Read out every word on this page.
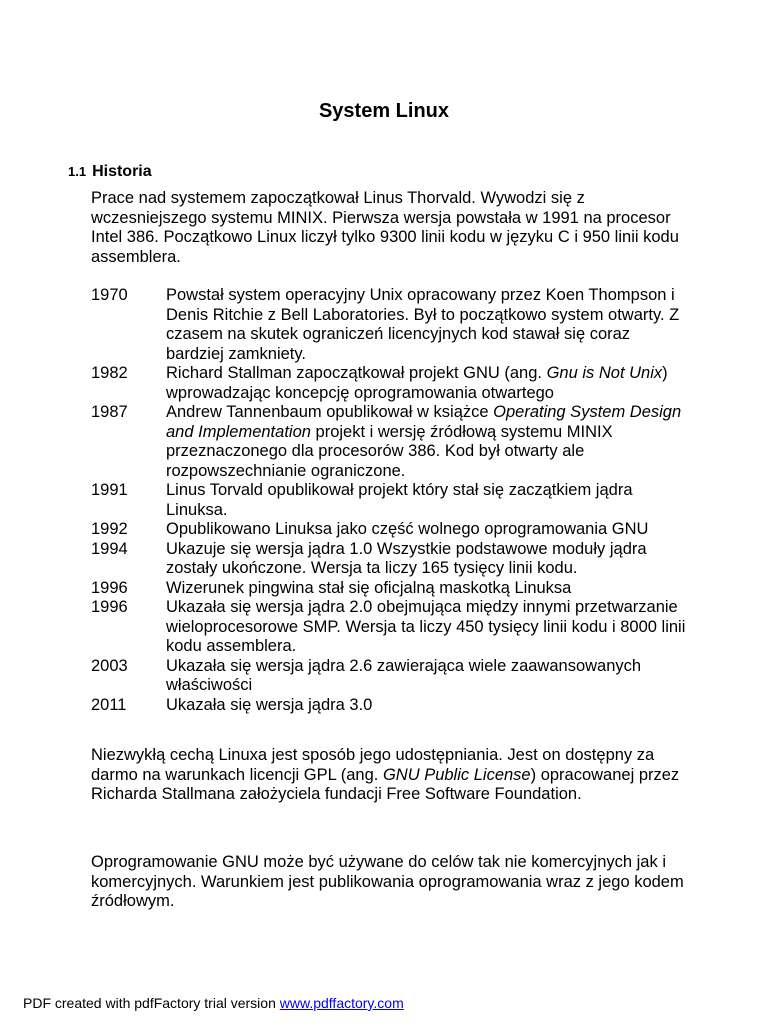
System Linux
1.1 Historia
Prace nad systemem zapoczątkował Linus Thorvald. Wywodzi się z wczesniejszego systemu MINIX. Pierwsza wersja powstała w 1991 na procesor Intel 386. Początkowo Linux liczył tylko 9300 linii kodu w języku C i 950 linii kodu assemblera.
1970	Powstał system operacyjny Unix opracowany przez Koen Thompson i Denis Ritchie z Bell Laboratories. Był to początkowo system otwarty. Z czasem na skutek ograniczeń licencyjnych kod stawał się coraz bardziej zamkniety.
1982	Richard Stallman zapoczątkował projekt GNU (ang. Gnu is Not Unix) wprowadzając koncepcję oprogramowania otwartego
1987	Andrew Tannenbaum opublikował w książce Operating System Design and Implementation projekt i wersję źródłową systemu MINIX przeznaczonego dla procesorów 386. Kod był otwarty ale rozpowszechnianie ograniczone.
1991	Linus Torvald opublikował projekt który stał się zaczątkiem jądra Linuksa.
1992	Opublikowano Linuksa jako część wolnego oprogramowania GNU
1994	Ukazuje się wersja jądra 1.0 Wszystkie podstawowe moduły jądra zostały ukończone. Wersja ta liczy 165 tysięcy linii kodu.
1996	Wizerunek pingwina stał się oficjalną maskotką Linuksa
1996	Ukazała się wersja jądra 2.0 obejmująca między innymi przetwarzanie wieloprocesorowe SMP. Wersja ta liczy 450 tysięcy linii kodu i 8000 linii kodu assemblera.
2003	Ukazała się wersja jądra 2.6 zawierająca wiele zaawansowanych właściwości
2011	Ukazała się wersja jądra 3.0
Niezwykłą cechą Linuxa jest sposób jego udostępniania. Jest on dostępny za darmo na warunkach licencji GPL (ang. GNU Public License) opracowanej przez Richarda Stallmana założyciela fundacji Free Software Foundation.
Oprogramowanie GNU może być używane do celów tak nie komercyjnych jak i komercyjnych. Warunkiem jest publikowania oprogramowania wraz z jego kodem źródłowym.
PDF created with pdfFactory trial version www.pdffactory.com
